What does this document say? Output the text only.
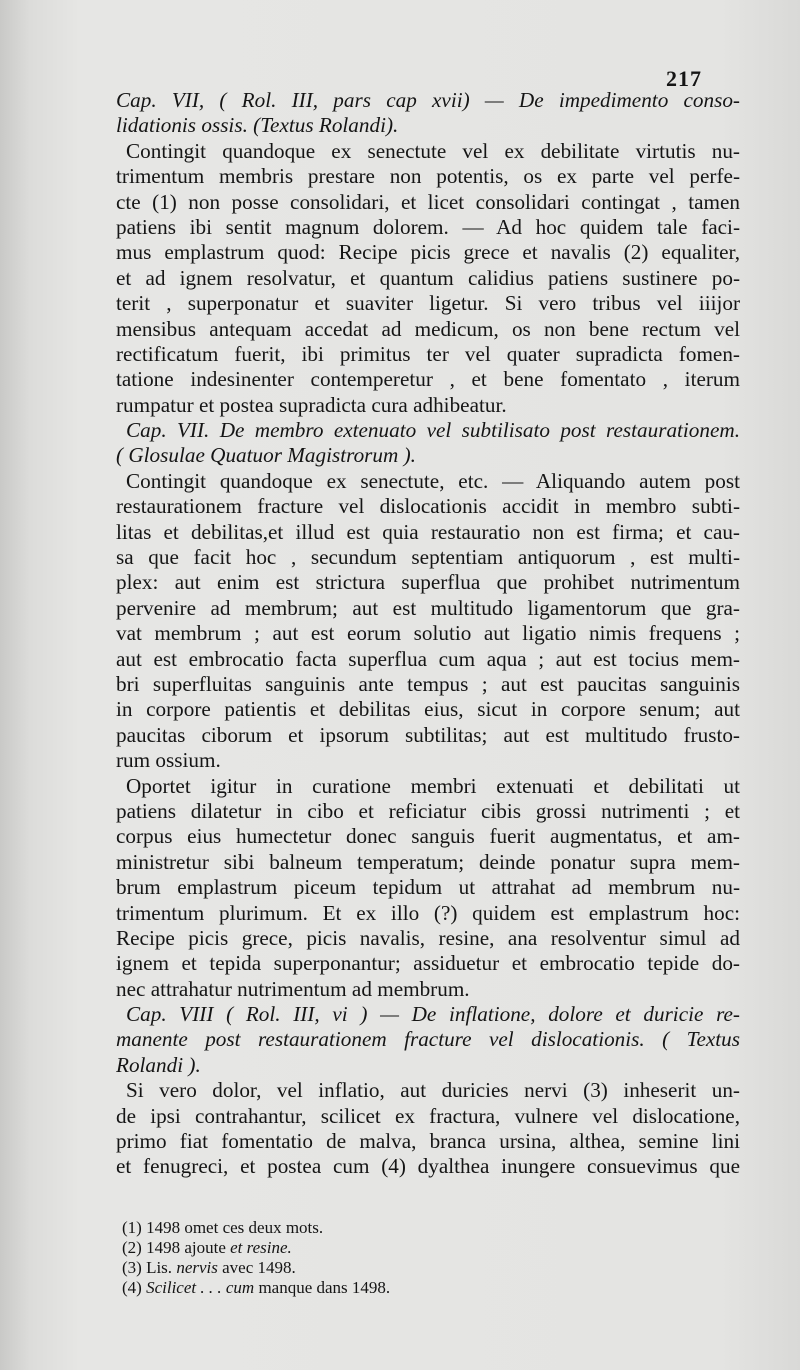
217
Cap. VII, ( Rol. III, pars cap xvii) — De impedimento conso-
lidationis ossis. (Textus Rolandi).
Contingit quandoque ex senectute vel ex debilitate virtutis nu-
trimentum membris prestare non potentis, os ex parte vel perfe-
cte (1) non posse consolidari, et licet consolidari contingat , tamen
patiens ibi sentit magnum dolorem. — Ad hoc quidem tale faci-
mus emplastrum quod: Recipe picis grece et navalis (2) equaliter,
et ad ignem resolvatur, et quantum calidius patiens sustinere po-
terit , superponatur et suaviter ligetur. Si vero tribus vel iiijor
mensibus antequam accedat ad medicum, os non bene rectum vel
rectificatum fuerit, ibi primitus ter vel quater supradicta fomen-
tatione indesinenter contemperetur , et bene fomentato , iterum
rumpatur et postea supradicta cura adhibeatur.
Cap. VII. De membro extenuato vel subtilisato post restaurationem.
( Glosulae Quatuor Magistrorum ).
Contingit quandoque ex senectute, etc. — Aliquando autem post
restaurationem fracture vel dislocationis accidit in membro subti-
litas et debilitas,et illud est quia restauratio non est firma; et cau-
sa que facit hoc , secundum septentiam antiquorum , est multi-
plex: aut enim est strictura superflua que prohibet nutrimentum
pervenire ad membrum; aut est multitudo ligamentorum que gra-
vat membrum ; aut est eorum solutio aut ligatio nimis frequens ;
aut est embrocatio facta superflua cum aqua ; aut est tocius mem-
bri superfluitas sanguinis ante tempus ; aut est paucitas sanguinis
in corpore patientis et debilitas eius, sicut in corpore senum; aut
paucitas ciborum et ipsorum subtilitas; aut est multitudo frusto-
rum ossium.
Oportet igitur in curatione membri extenuati et debilitati ut
patiens dilatetur in cibo et reficiatur cibis grossi nutrimenti ; et
corpus eius humectetur donec sanguis fuerit augmentatus, et am-
ministretur sibi balneum temperatum; deinde ponatur supra mem-
brum emplastrum piceum tepidum ut attrahat ad membrum nu-
trimentum plurimum. Et ex illo (?) quidem est emplastrum hoc:
Recipe picis grece, picis navalis, resine, ana resolventur simul ad
ignem et tepida superponantur; assiduetur et embrocatio tepide do-
nec attrahatur nutrimentum ad membrum.
Cap. VIII ( Rol. III, vi ) — De inflatione, dolore et duricie re-
manente post restaurationem fracture vel dislocationis. ( Textus
Rolandi ).
Si vero dolor, vel inflatio, aut duricies nervi (3) inheserit un-
de ipsi contrahantur, scilicet ex fractura, vulnere vel dislocatione,
primo fiat fomentatio de malva, branca ursina, althea, semine lini
et fenugreci, et postea cum (4) dyalthea inungere consuevimus que
(1) 1498 omet ces deux mots.
(2) 1498 ajoute et resine.
(3) Lis. nervis avec 1498.
(4) Scilicet . . . cum manque dans 1498.
